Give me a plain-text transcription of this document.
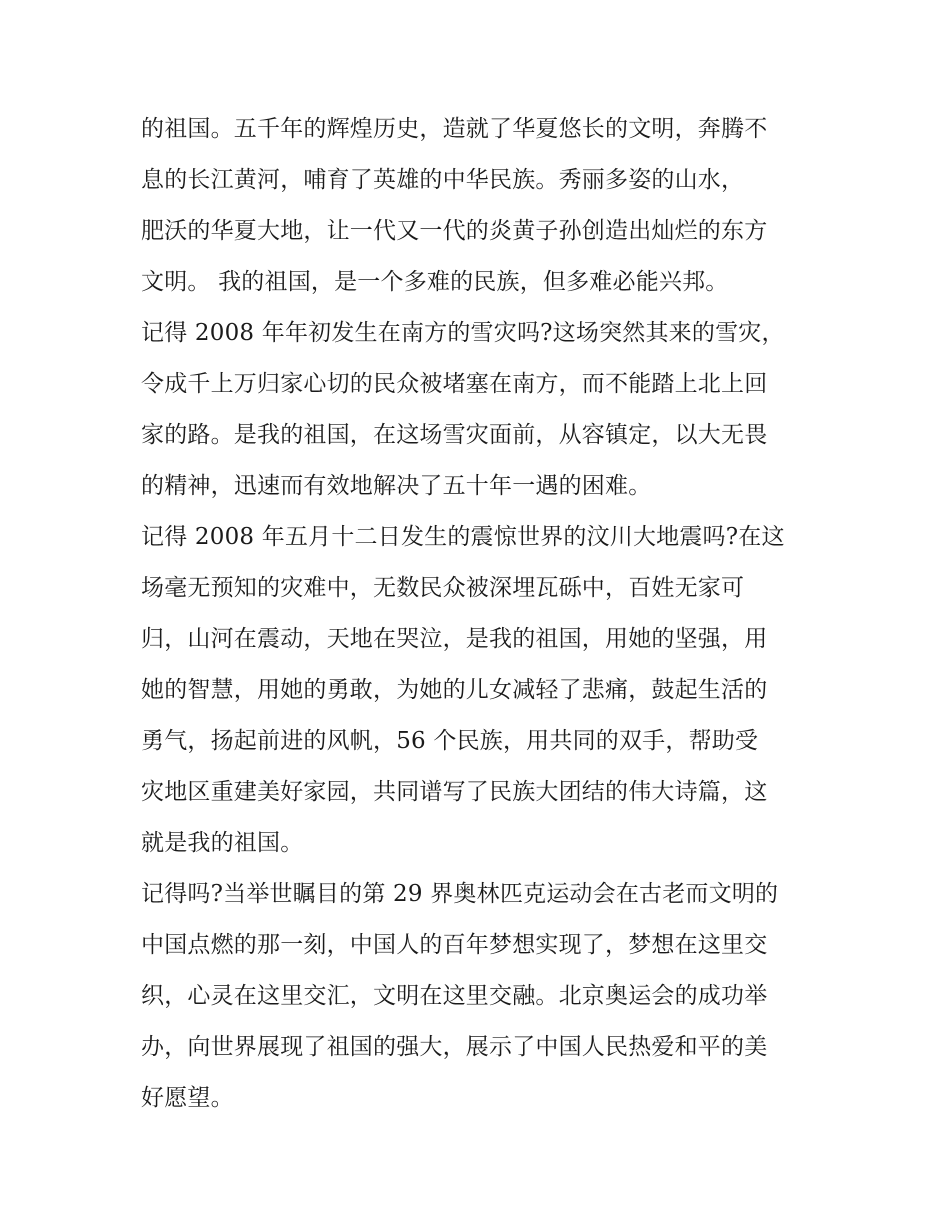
的祖国。五千年的辉煌历史，造就了华夏悠长的文明，奔腾不
息的长江黄河，哺育了英雄的中华民族。秀丽多姿的山水，
肥沃的华夏大地，让一代又一代的炎黄子孙创造出灿烂的东方
文明。 我的祖国，是一个多难的民族，但多难必能兴邦。
记得 2008 年年初发生在南方的雪灾吗?这场突然其来的雪灾，
令成千上万归家心切的民众被堵塞在南方，而不能踏上北上回
家的路。是我的祖国，在这场雪灾面前，从容镇定，以大无畏
的精神，迅速而有效地解决了五十年一遇的困难。
记得 2008 年五月十二日发生的震惊世界的汶川大地震吗?在这
场毫无预知的灾难中，无数民众被深埋瓦砾中，百姓无家可
归，山河在震动，天地在哭泣，是我的祖国，用她的坚强，用
她的智慧，用她的勇敢，为她的儿女减轻了悲痛，鼓起生活的
勇气，扬起前进的风帆，56 个民族，用共同的双手，帮助受
灾地区重建美好家园，共同谱写了民族大团结的伟大诗篇，这
就是我的祖国。
记得吗?当举世瞩目的第 29 界奥林匹克运动会在古老而文明的
中国点燃的那一刻，中国人的百年梦想实现了，梦想在这里交
织，心灵在这里交汇，文明在这里交融。北京奥运会的成功举
办，向世界展现了祖国的强大，展示了中国人民热爱和平的美
好愿望。
